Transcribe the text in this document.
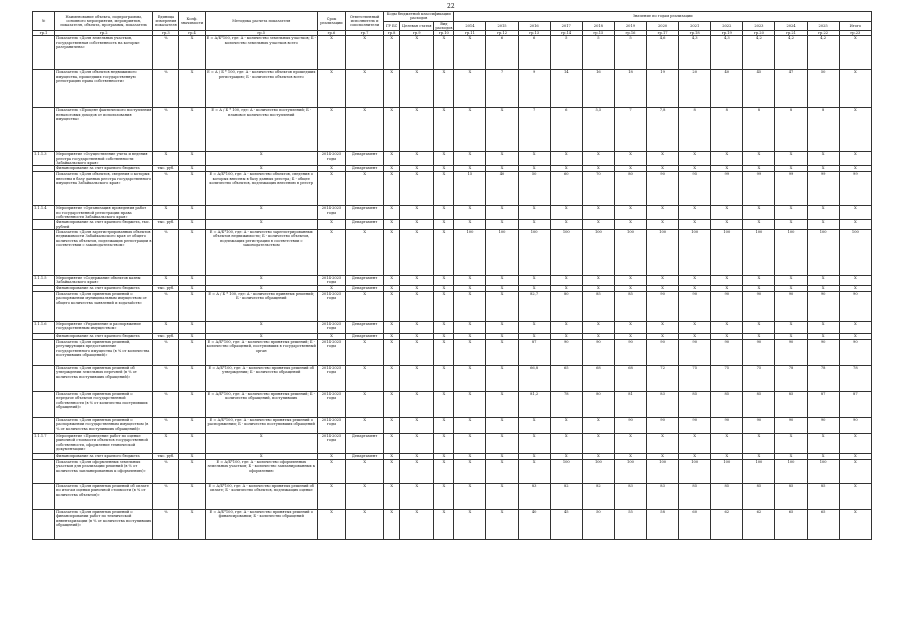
22
№	Наименование объекта, подпрограммы, основного мероприятия, мероприятия, показателя, объекта, программы, показатель	Единица измерения показателя	Коэф. значимости	Методика расчета показателя	Срок реализации	Ответственный исполнитель и соисполнители	Коды бюджетной классификации расходов			Значение по годам реализации												
							ГР БС	Целевая статья	Вид расходов	2014	2015	2016	2017	2018	2019	2020	2021	2022	2023	2024	2025	Итого
гр.1	гр.2	гр.3	гр.4	гр.5	гр.6	гр.7	гр.8	гр.9	гр.10	гр.11	гр.12	гр.13	гр.14	гр.15	гр.16	гр.17	гр.18	гр.19	гр.20	гр.21	гр.22	гр.23
	Показатель «Доля земельных участков, государственная собственность на которые разграничена»	%	X	Е = А/Б*100, где: А - количество земельных участков; Б - количество земельных участков всего	X	X	X	X	X	X	6	6	5	5	5	4,6	4,3	4,3	4,2	4,2	4,2	X
	Показатель «Доля объектов недвижимого имущества, прошедших государственную регистрацию права собственности»	%	X	Е = А / Б * 100, где: А - количество объектов прошедших регистрацию; Б - количество объектов всего	X	X	X	X	X	X	7	9	14	16	18	19	20	40	45	47	50	X
	Показатель «Процент фактического поступления неналоговых доходов от использования имущества»	%	X	Е = А / Б * 100, где: А - количество поступлений; Б - плановое количество поступлений	X	X	X	X	X	X	X	7	6	5,5	7	7,8	8	8	8	8	8	X
1.1.1.3	Мероприятие «Осуществление учета и ведения реестра государственной собственности Забайкальского края»	X	X	X	2014-2025 годы	Департамент	X	X	X	X	X	X	X	X	X	X	X	X	X	X	X	X
	Финансирование за счет краевого бюджета	тыс. руб.	X	X	X	Департамент	X	X	X	X	X	X	X	X	X	X	X	X	X	X	X	X
	Показатель «Доля объектов, сведения о которых внесены в базу данных реестра государственного имущества Забайкальского края»	%	X	Е = А/Б*100, где: А - количество объектов, сведения о которых внесены в базу данных реестра; Б - общее количество объектов, подлежащих внесению в реестр	X	X	X	X	X	15	40	50	60	70	80	90	95	99	99	99	99	99
1.1.1.4	Мероприятие «Организация проведения работ по государственной регистрации права собственности Забайкальского края»	X	X	X	2014-2025 годы	Департамент	X	X	X	X	X	X	X	X	X	X	X	X	X	X	X	X
	Финансирование за счет краевого бюджета, тыс. рублей	тыс. руб.	X	X	X	Департамент	X	X	X	X	X	X	X	X	X	X	X	X	X	X	X	X
	Показатель «Доля зарегистрированных объектов недвижимости Забайкальского края от общего количества объектов, подлежащих регистрации в соответствии с законодательством»	%	X	Е = А/Б*100, где: А - количество зарегистрированных объектов недвижимости; Б - количество объектов, подлежащих регистрации в соответствии с законодательством	X	X	X	X	X	100	100	100	100	100	100	100	100	100	100	100	100	100
1.1.1.5	Мероприятие «Содержание объектов казны Забайкальского края»	X	X	X	2014-2025 годы	Департамент	X	X	X	X	X	X	X	X	X	X	X	X	X	X	X	X
	Финансирование за счет краевого бюджета	тыс. руб.	X	X	X	Департамент	X	X	X	X	X	X	X	X	X	X	X	X	X	X	X	X
	Показатель «Доля принятых решений о распоряжении муниципальным имуществом от общего количества заявлений и ходатайств»	%	X	Е = А / Б * 100, где: А - количество принятых решений; Б - количество обращений	2014-2025 годы	X	X	X	X	X	X	82,7	80	85	85	90	90	90	90	90	90	90
1.1.1.6	Мероприятие «Управление и распоряжение государственным имуществом»	X	X	X	2014-2025 годы	Департамент	X	X	X	X	X	X	X	X	X	X	X	X	X	X	X	X
	Финансирование за счет краевого бюджета	тыс. руб.	X	X	X	Департамент	X	X	X	X	X	X	X	X	X	X	X	X	X	X	X	X
	Показатель «Доля принятых решений, регулирующих предоставление государственного имущества (в % от количества поступивших обращений)»	%	X	Е = А/Б*100, где: А - количество принятых решений; Б - количество обращений, поступивших в государственный орган	2014-2025 годы	X	X	X	X	X	X	87	90	90	90	90	90	90	90	90	90	90
	Показатель «Доля принятых решений об утверждении земельных перечней (в % от количества поступивших обращений)»	%	X	Е = А/Б*100, где: А - количество принятых решений об утверждении; Б - количество обращений	2014-2025 годы	X	X	X	X	X	X	66,8	65	68	68	72	75	75	75	78	78	78
	Показатель «Доля принятых решений о передаче объектов государственной собственности (в % от количества поступивших обращений)»	%	X	Е = А/Б*100, где: А - количество принятых решений; Б - количество обращений, поступивших	2014-2025 годы	X	X	X	X	X	X	81,2	78	80	81	83	85	85	85	85	87	87
	Показатель «Доля принятых решений о распоряжении государственным имуществом (в % от количества поступивших обращений)»	%	X	Е = А/Б*100, где: А - количество принятых решений о распоряжении; Б - количество поступивших обращений	2014-2025 годы	X	X	X	X	X	X	X	X	X	90	90	90	90	90	90	90	90
1.1.1.7	Мероприятие «Проведение работ по оценке рыночной стоимости объектов государственной собственности, оформление технической документации»	X	X	X	2014-2025 годы	Департамент	X	X	X	X	X	X	X	X	X	X	X	X	X	X	X	X
	Финансирование за счет краевого бюджета	тыс. руб.	X	X	X	Департамент	X	X	X	X	X	X	X	X	X	X	X	X	X	X	X	X
	Показатель «Доля оформленных земельных участков для реализации решений (в % от количества запланированных к оформлению)»	%	X	Е = А/Б*100, где: А - количество оформленных земельных участков; Б - количество запланированных к оформлению	X	X	X	X	X	X	X	X	100	100	100	100	100	100	100	100	100	X
	Показатель «Доля принятых решений об оплате по итогам оценки рыночной стоимости (в % от количества объектов)»	%	X	Е = А/Б*100, где: А - количество принятых решений об оплате; Б - количество объектов, подлежащих оценке	X	X	X	X	X	X	X	83	82	82	83	83	85	85	85	85	85	X
	Показатель «Доля принятых решений о финансировании работ по технической инвентаризации (в % от количества поступивших обращений)»	%	X	Е = А/Б*100, где: А - количество принятых решений о финансировании; Б - количество обращений	X	X	X	X	X	X	X	40	45	50	55	58	60	62	62	65	65	X
